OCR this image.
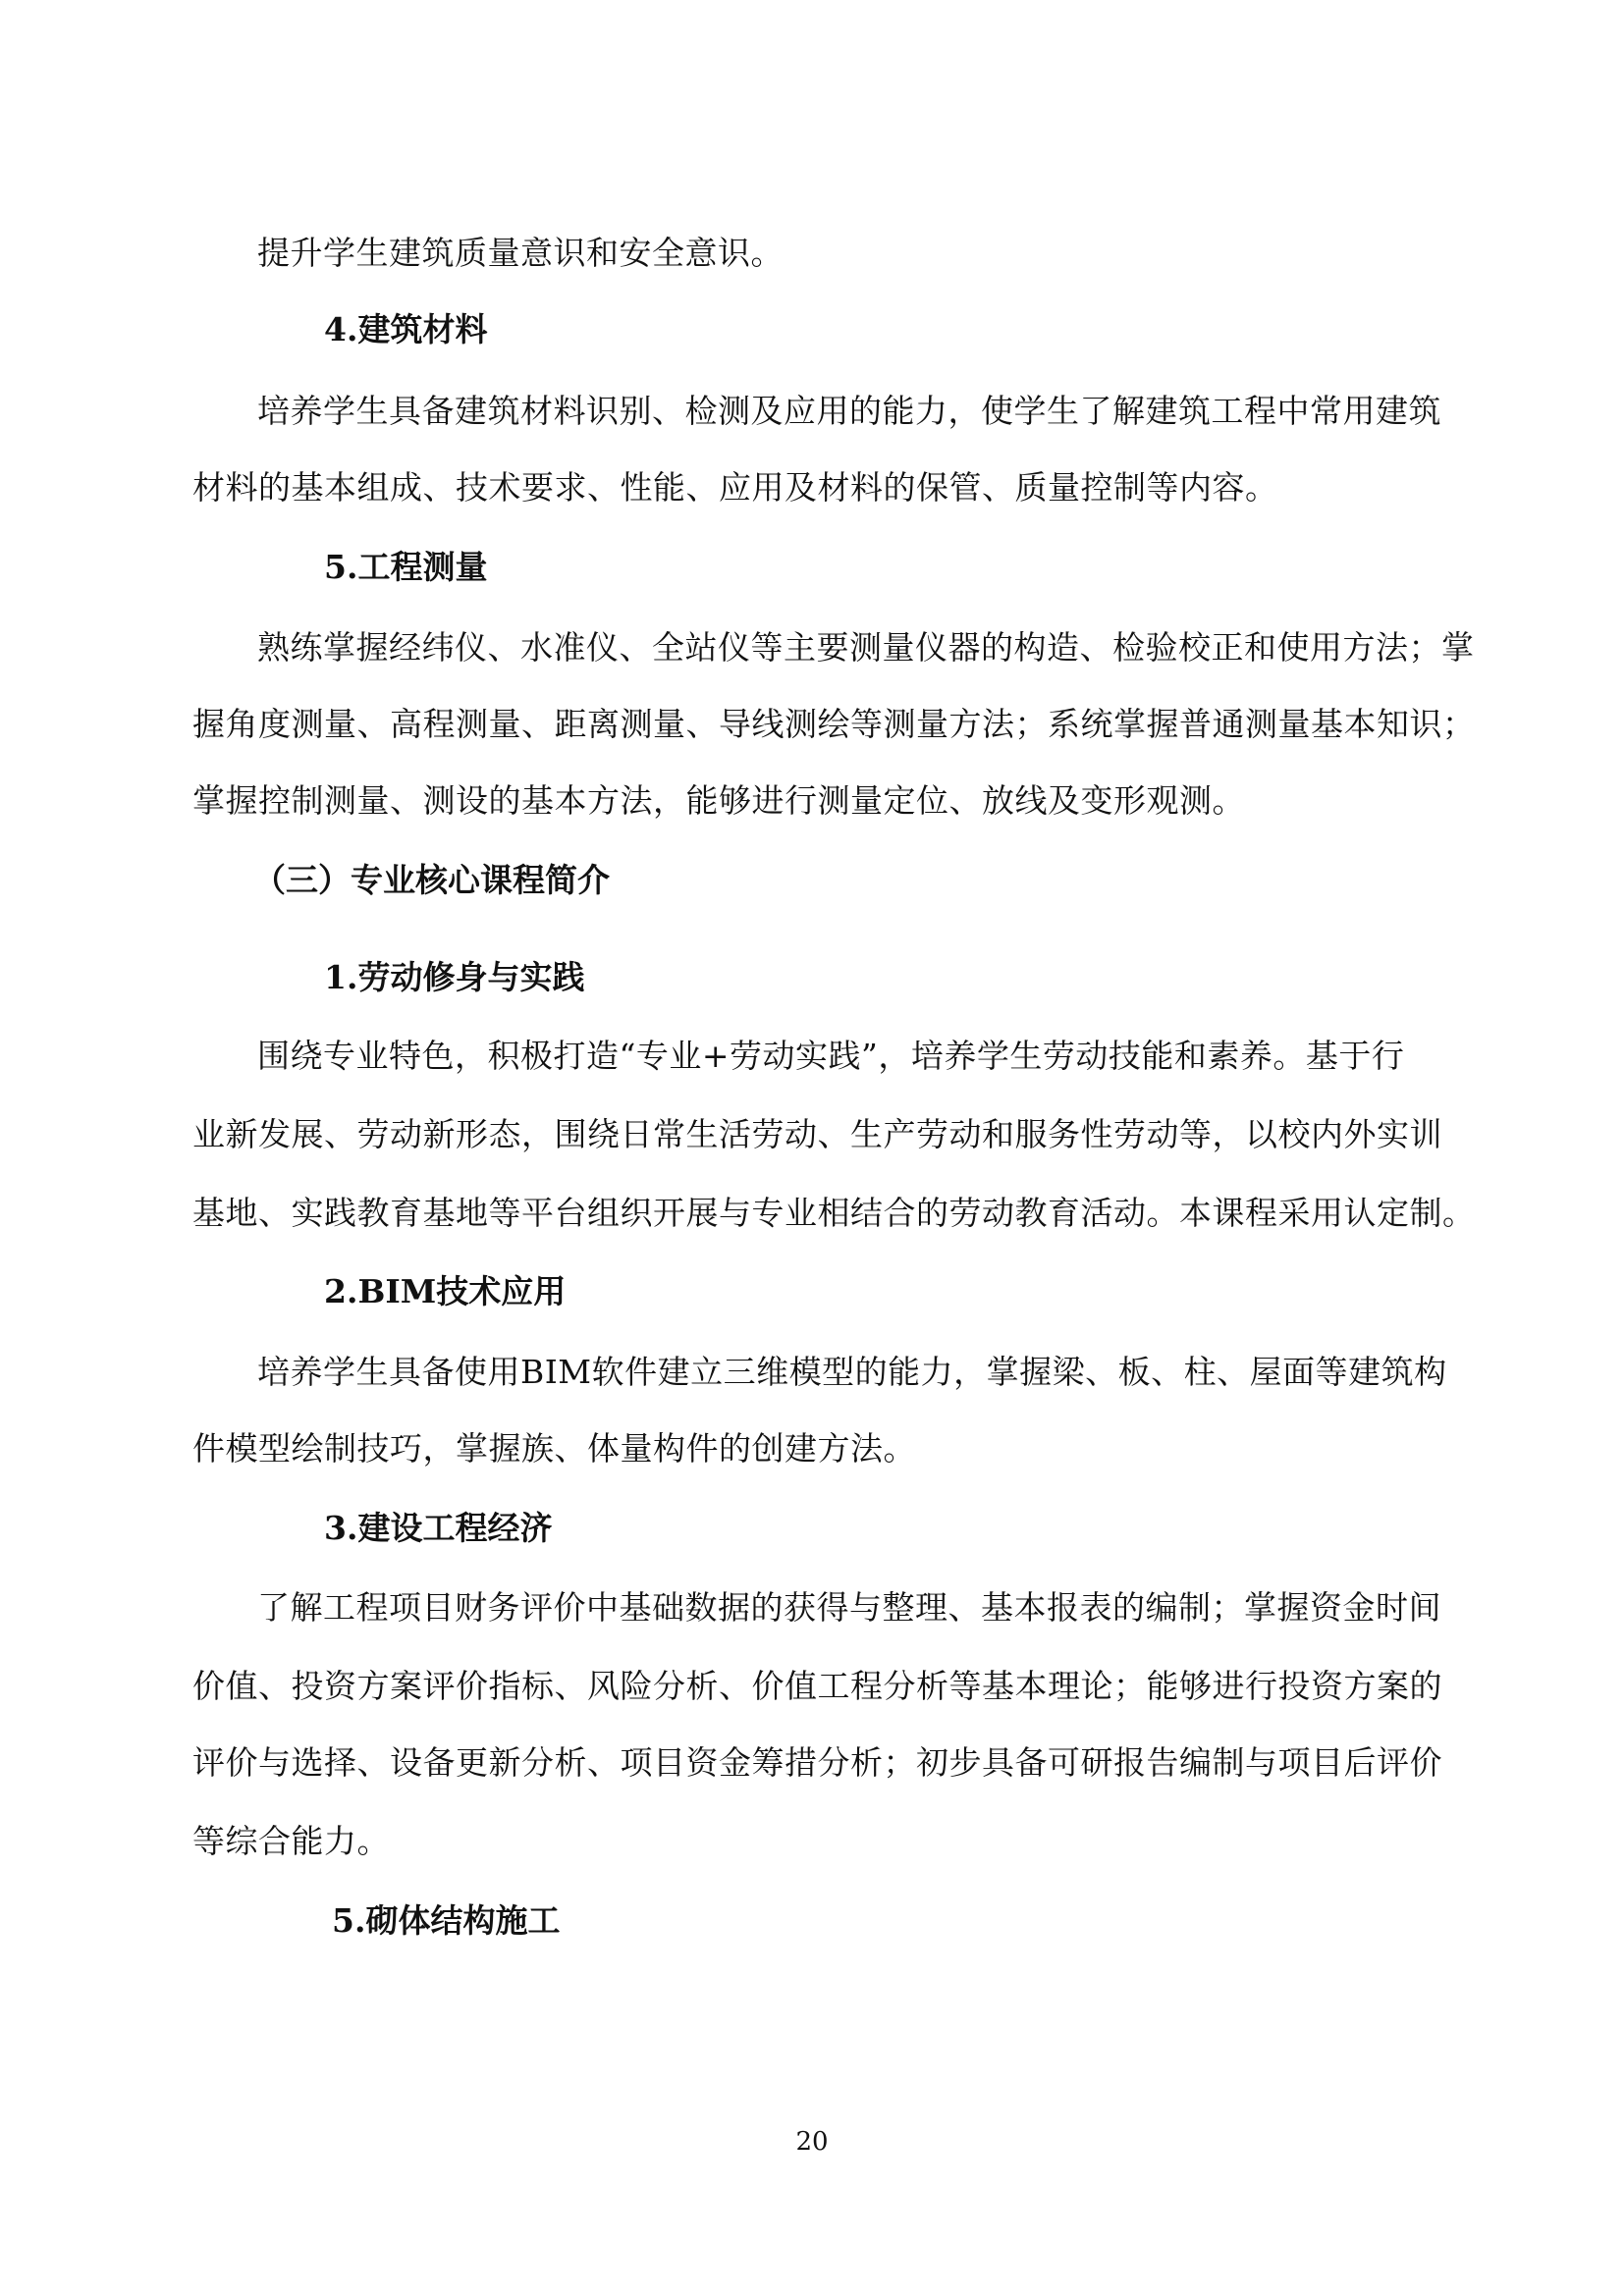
提升学生建筑质量意识和安全意识。
4.建筑材料
培养学生具备建筑材料识别、检测及应用的能力，使学生了解建筑工程中常用建筑
材料的基本组成、技术要求、性能、应用及材料的保管、质量控制等内容。
5.工程测量
熟练掌握经纬仪、水准仪、全站仪等主要测量仪器的构造、检验校正和使用方法；掌
握角度测量、高程测量、距离测量、导线测绘等测量方法；系统掌握普通测量基本知识；
掌握控制测量、测设的基本方法，能够进行测量定位、放线及变形观测。
（三）专业核心课程简介
1.劳动修身与实践
围绕专业特色，积极打造“专业+劳动实践”，培养学生劳动技能和素养。基于行
业新发展、劳动新形态，围绕日常生活劳动、生产劳动和服务性劳动等，以校内外实训
基地、实践教育基地等平台组织开展与专业相结合的劳动教育活动。本课程采用认定制。
2.BIM技术应用
培养学生具备使用BIM软件建立三维模型的能力，掌握梁、板、柱、屋面等建筑构
件模型绘制技巧，掌握族、体量构件的创建方法。
3.建设工程经济
了解工程项目财务评价中基础数据的获得与整理、基本报表的编制；掌握资金时间
价值、投资方案评价指标、风险分析、价值工程分析等基本理论；能够进行投资方案的
评价与选择、设备更新分析、项目资金筹措分析；初步具备可研报告编制与项目后评价
等综合能力。
5.砌体结构施工
20
